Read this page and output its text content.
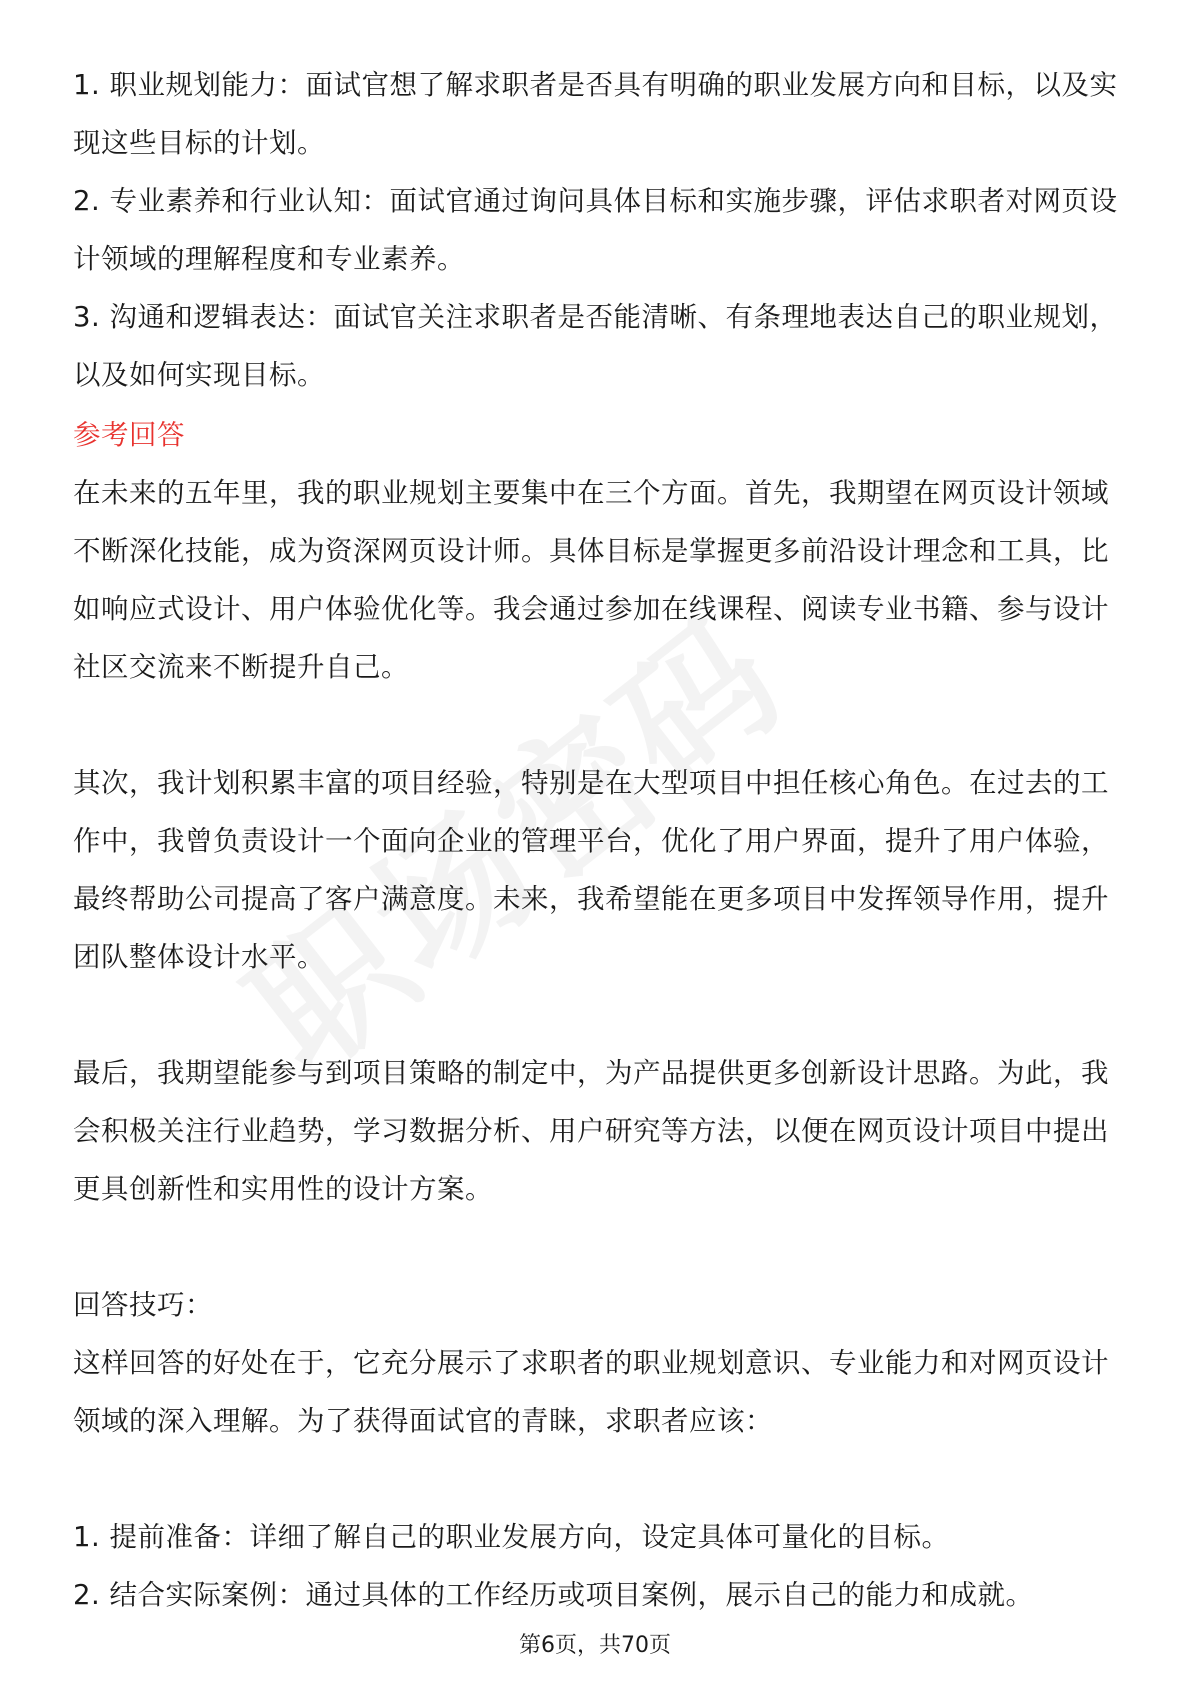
1. 职业规划能力：面试官想了解求职者是否具有明确的职业发展方向和目标，以及实现这些目标的计划。

2. 专业素养和行业认知：面试官通过询问具体目标和实施步骤，评估求职者对网页设计领域的理解程度和专业素养。

3. 沟通和逻辑表达：面试官关注求职者是否能清晰、有条理地表达自己的职业规划，以及如何实现目标。

参考回答

在未来的五年里，我的职业规划主要集中在三个方面。首先，我期望在网页设计领域不断深化技能，成为资深网页设计师。具体目标是掌握更多前沿设计理念和工具，比如响应式设计、用户体验优化等。我会通过参加在线课程、阅读专业书籍、参与设计社区交流来不断提升自己。

其次，我计划积累丰富的项目经验，特别是在大型项目中担任核心角色。在过去的工作中，我曾负责设计一个面向企业的管理平台，优化了用户界面，提升了用户体验，最终帮助公司提高了客户满意度。未来，我希望能在更多项目中发挥领导作用，提升团队整体设计水平。

最后，我期望能参与到项目策略的制定中，为产品提供更多创新设计思路。为此，我会积极关注行业趋势，学习数据分析、用户研究等方法，以便在网页设计项目中提出更具创新性和实用性的设计方案。

回答技巧：

这样回答的好处在于，它充分展示了求职者的职业规划意识、专业能力和对网页设计领域的深入理解。为了获得面试官的青睐，求职者应该：

1. 提前准备：详细了解自己的职业发展方向，设定具体可量化的目标。

2. 结合实际案例：通过具体的工作经历或项目案例，展示自己的能力和成就。

第6页，共70页
